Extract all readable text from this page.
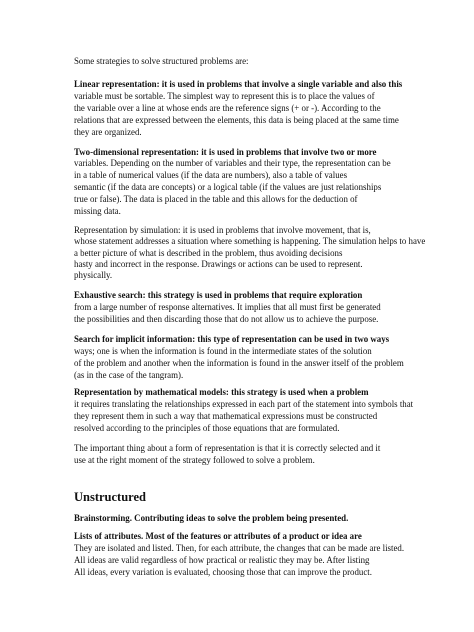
Some strategies to solve structured problems are:
Linear representation: it is used in problems that involve a single variable and also this
variable must be sortable. The simplest way to represent this is to place the values of
the variable over a line at whose ends are the reference signs (+ or -). According to the
relations that are expressed between the elements, this data is being placed at the same time
they are organized.
Two-dimensional representation: it is used in problems that involve two or more
variables. Depending on the number of variables and their type, the representation can be
in a table of numerical values (if the data are numbers), also a table of values
semantic (if the data are concepts) or a logical table (if the values are just relationships
true or false). The data is placed in the table and this allows for the deduction of
missing data.
Representation by simulation: it is used in problems that involve movement, that is,
whose statement addresses a situation where something is happening. The simulation helps to have
a better picture of what is described in the problem, thus avoiding decisions
hasty and incorrect in the response. Drawings or actions can be used to represent.
physically.
Exhaustive search: this strategy is used in problems that require exploration
from a large number of response alternatives. It implies that all must first be generated
the possibilities and then discarding those that do not allow us to achieve the purpose.
Search for implicit information: this type of representation can be used in two ways
ways; one is when the information is found in the intermediate states of the solution
of the problem and another when the information is found in the answer itself of the problem
(as in the case of the tangram).
Representation by mathematical models: this strategy is used when a problem
it requires translating the relationships expressed in each part of the statement into symbols that
they represent them in such a way that mathematical expressions must be constructed
resolved according to the principles of those equations that are formulated.
The important thing about a form of representation is that it is correctly selected and it
use at the right moment of the strategy followed to solve a problem.
Unstructured
Brainstorming. Contributing ideas to solve the problem being presented.
Lists of attributes. Most of the features or attributes of a product or idea are
They are isolated and listed. Then, for each attribute, the changes that can be made are listed.
All ideas are valid regardless of how practical or realistic they may be. After listing
All ideas, every variation is evaluated, choosing those that can improve the product.
